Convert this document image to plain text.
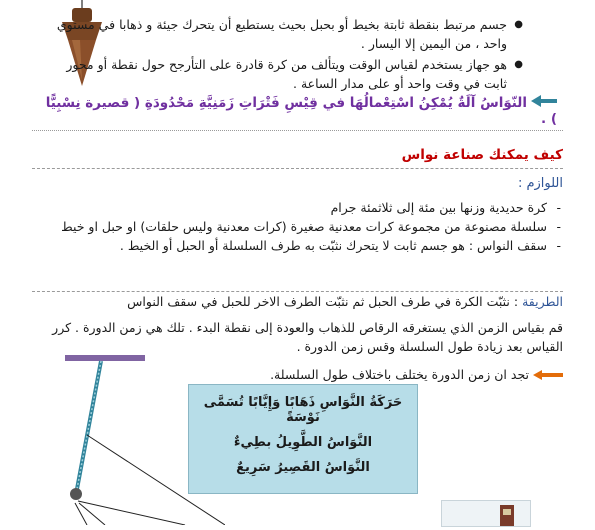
● جسم مرتبط بنقطة ثابتة بخيط أو بحبل بحيث يستطيع أن يتحرك جيئة و ذهابا في مستوي واحد ، من اليمين إلا اليسار .
● هو جهاز يستخدم لقياس الوقت ويتألف من كرة قادرة على التأرجح حول نقطة أو محور ثابت في وقت واحد أو على مدار الساعة .
النّوَاسُ آلَةٌ يُمْكِنُ اسْتِعْمالُهَا في قِيْسِ فَتْرَاتِ زَمَنِيَّةِ مَحْدُودَةِ ( قصيرة نِسْبِيًّا ) .
كيف يمكنك صناعة نواس
اللوازم :
- كرة حديدية وزنها بين مئة إلى ثلاثمئة جرام
- سلسلة مصنوعة من مجموعة كرات معدنية صغيرة (كرات معدنية وليس حلقات) او حبل او خيط
- سقف النواس : هو جسم ثابت لا يتحرك نثبّت به طرف السلسلة أو الحبل أو الخيط .
الطريقة : نثبّت الكرة في طرف الحبل ثم نثبّت الطرف الاخر للحبل في سقف النواس
قم بقياس الزمن الذي يستغرقه الرقاص للذهاب والعودة إلى نقطة البدء . تلك هي زمن الدورة . كرر القياس بعد زيادة طول السلسلة وقس زمن الدورة .
تجد ان زمن الدورة يختلف باختلاف طول السلسلة.
حَرَكَةُ النَّوَاسِ ذَهَابًا وَإِيَّابًا تُسَمَّى نَوْسَةً
النَّوَاسُ الطَّوِيلُ بطِيءٌ
النَّوَاسُ القَصِيرُ سَرِيعٌ
